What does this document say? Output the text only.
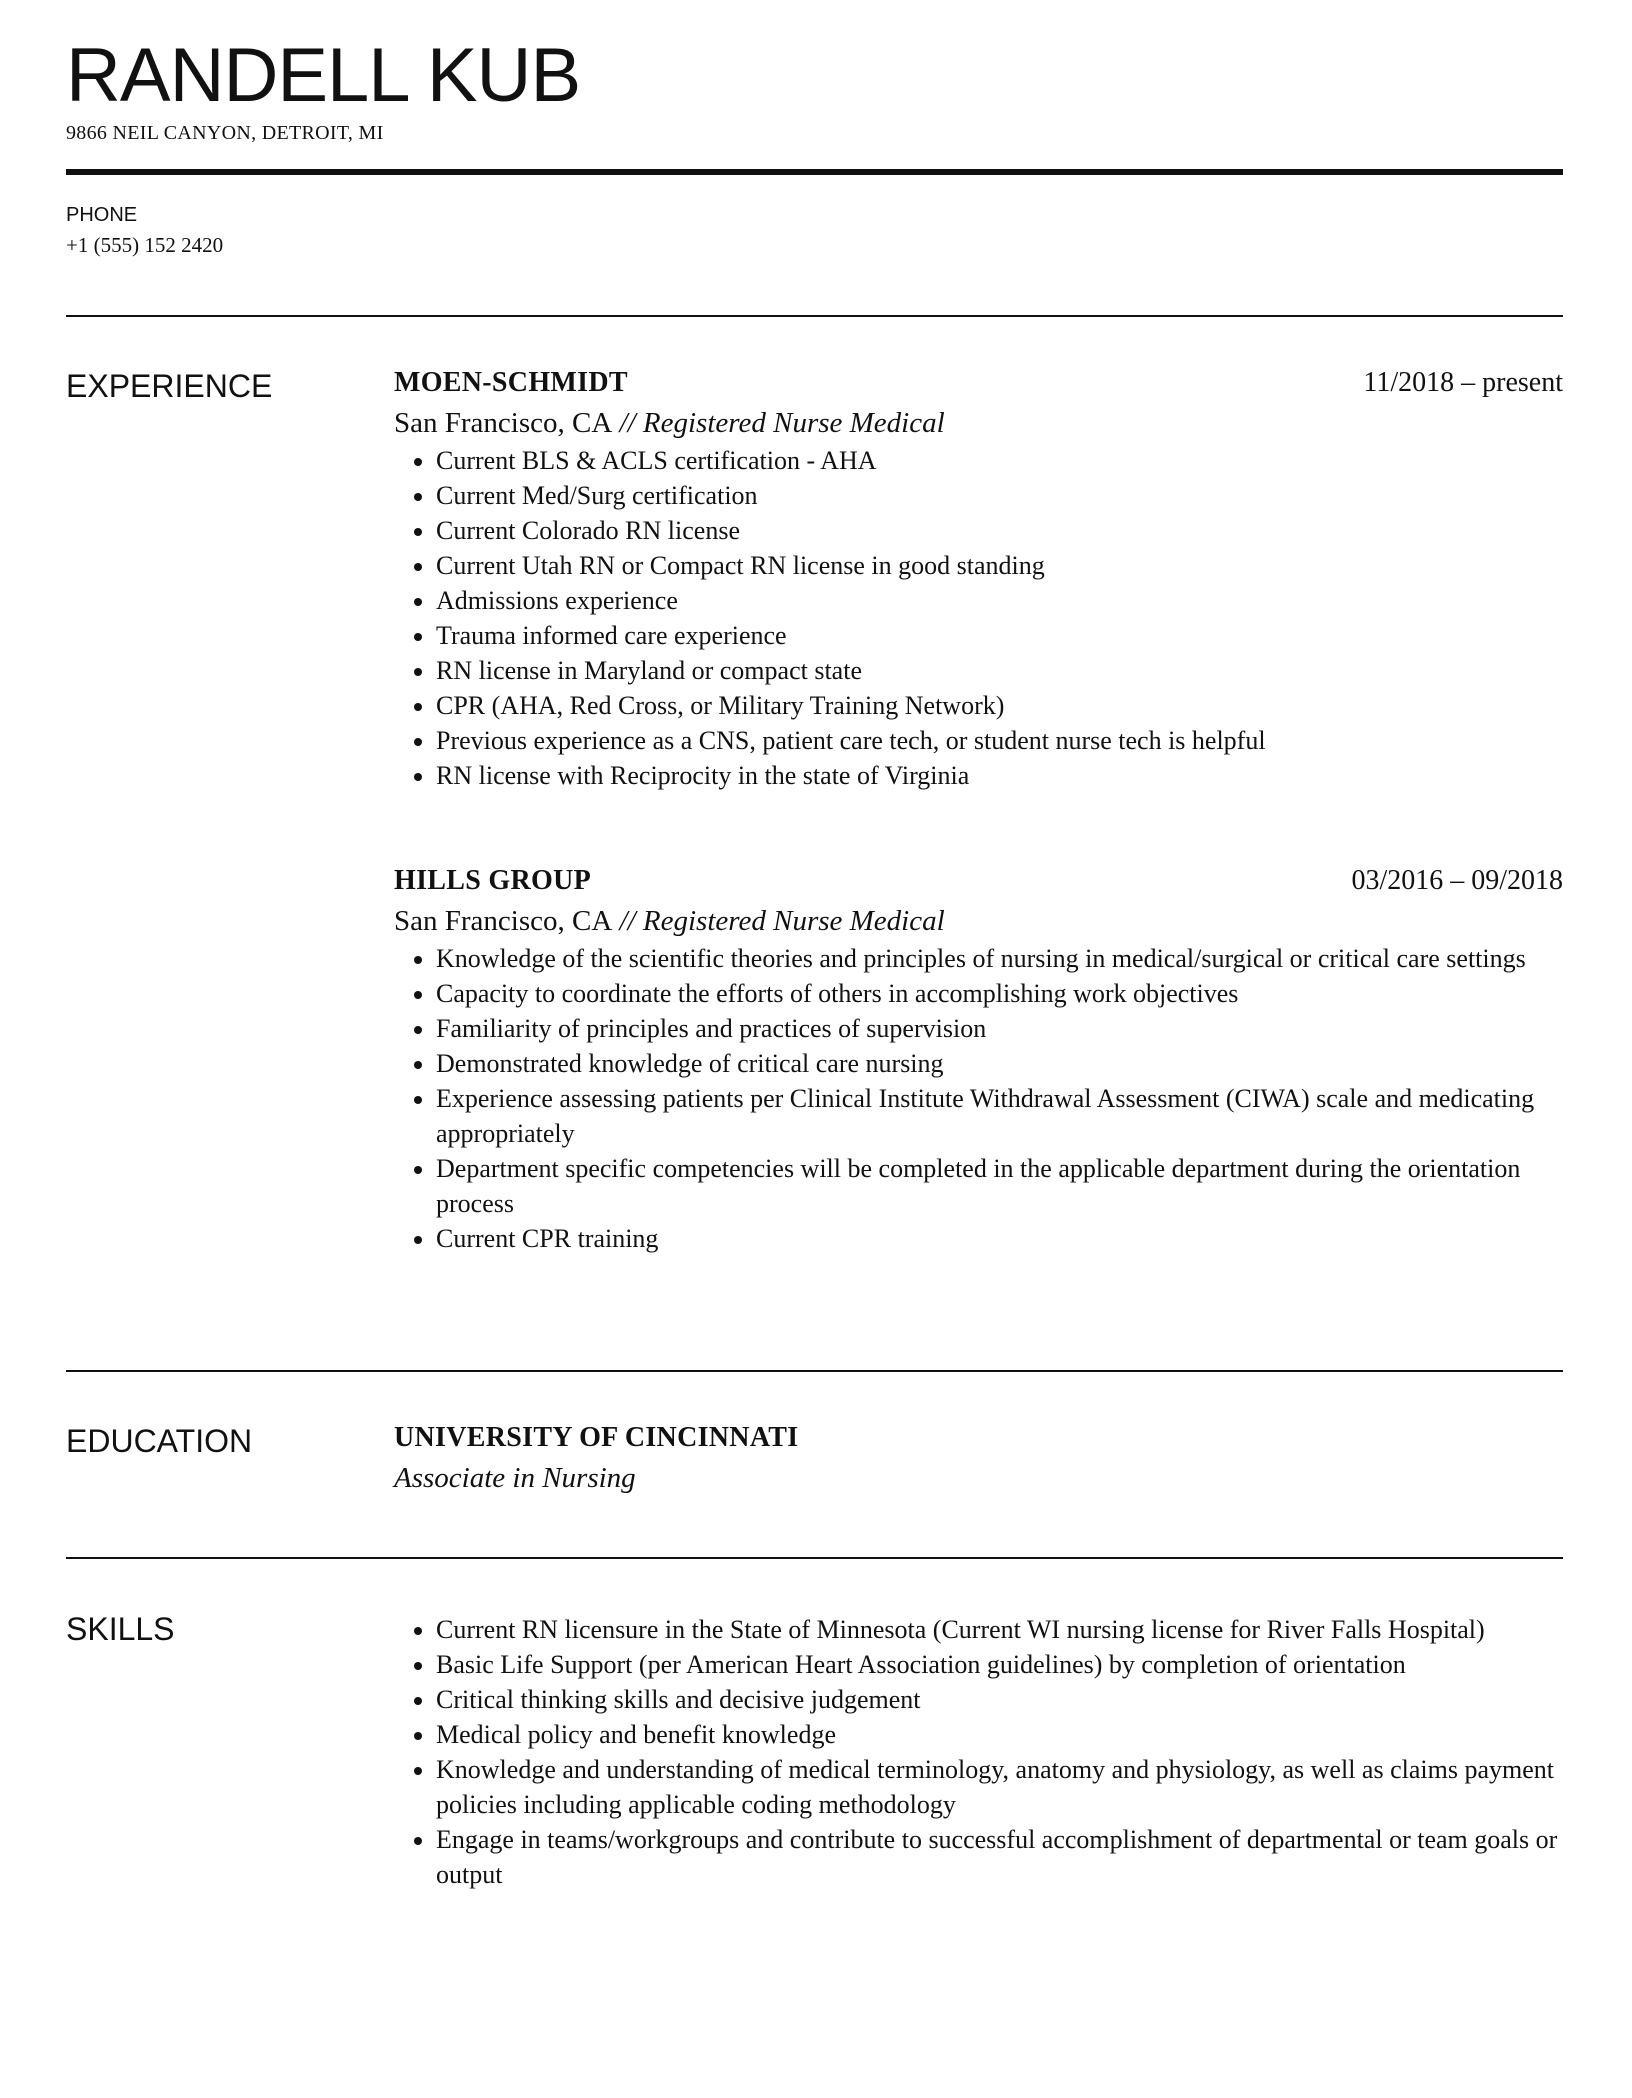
RANDELL KUB
9866 NEIL CANYON, DETROIT, MI
PHONE
+1 (555) 152 2420
EXPERIENCE	MOEN-SCHMIDT	11/2018 – present
San Francisco, CA // Registered Nurse Medical
• Current BLS & ACLS certification - AHA
• Current Med/Surg certification
• Current Colorado RN license
• Current Utah RN or Compact RN license in good standing
• Admissions experience
• Trauma informed care experience
• RN license in Maryland or compact state
• CPR (AHA, Red Cross, or Military Training Network)
• Previous experience as a CNS, patient care tech, or student nurse tech is helpful
• RN license with Reciprocity in the state of Virginia
HILLS GROUP	03/2016 – 09/2018
San Francisco, CA // Registered Nurse Medical
• Knowledge of the scientific theories and principles of nursing in medical/surgical or critical care settings
• Capacity to coordinate the efforts of others in accomplishing work objectives
• Familiarity of principles and practices of supervision
• Demonstrated knowledge of critical care nursing
• Experience assessing patients per Clinical Institute Withdrawal Assessment (CIWA) scale and medicating appropriately
• Department specific competencies will be completed in the applicable department during the orientation process
• Current CPR training
EDUCATION	UNIVERSITY OF CINCINNATI
Associate in Nursing
SKILLS
•	Current RN licensure in the State of Minnesota (Current WI nursing license for River Falls Hospital)
• Basic Life Support (per American Heart Association guidelines) by completion of orientation
• Critical thinking skills and decisive judgement
• Medical policy and benefit knowledge
• Knowledge and understanding of medical terminology, anatomy and physiology, as well as claims payment policies including applicable coding methodology
• Engage in teams/workgroups and contribute to successful accomplishment of departmental or team goals or output
